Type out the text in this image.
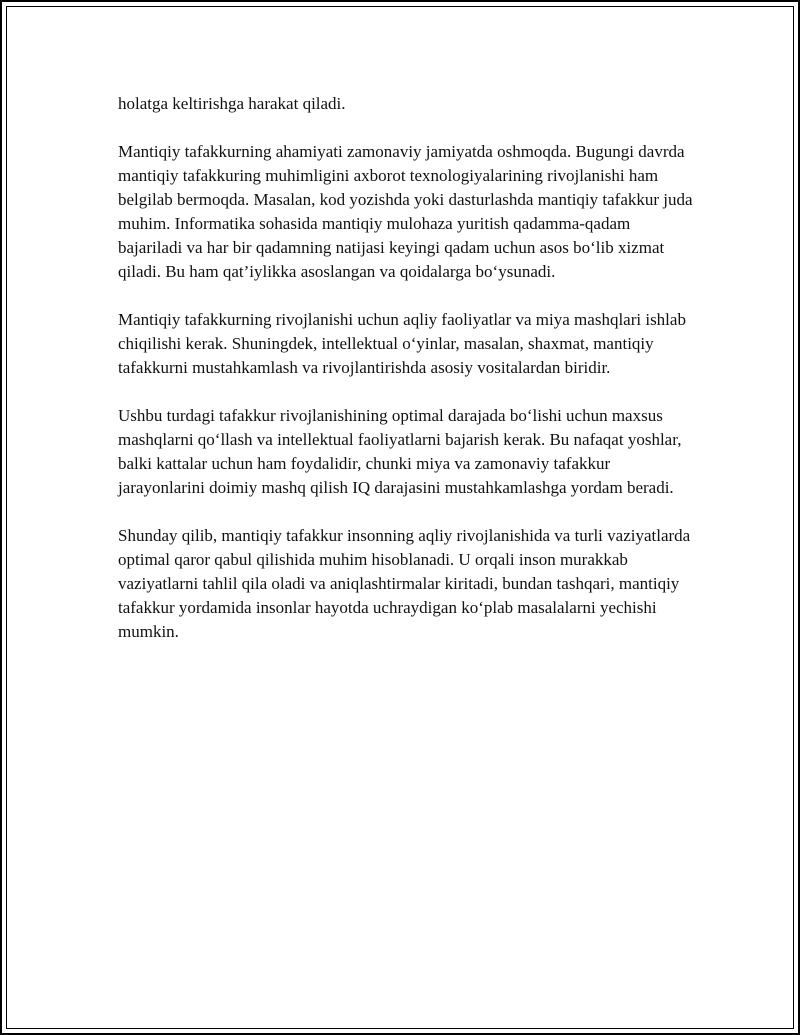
holatga keltirishga harakat qiladi.

Mantiqiy tafakkurning ahamiyati zamonaviy jamiyatda oshmoqda. Bugungi davrda mantiqiy tafakkuring muhimligini axborot texnologiyalarining rivojlanishi ham belgilab bermoqda. Masalan, kod yozishda yoki dasturlashda mantiqiy tafakkur juda muhim. Informatika sohasida mantiqiy mulohaza yuritish qadamma-qadam bajariladi va har bir qadamning natijasi keyingi qadam uchun asos bo‘lib xizmat qiladi. Bu ham qat’iylikka asoslangan va qoidalarga bo‘ysunadi.

Mantiqiy tafakkurning rivojlanishi uchun aqliy faoliyatlar va miya mashqlari ishlab chiqilishi kerak. Shuningdek, intellektual o‘yinlar, masalan, shaxmat, mantiqiy tafakkurni mustahkamlash va rivojlantirishda asosiy vositalardan biridir.

Ushbu turdagi tafakkur rivojlanishining optimal darajada bo‘lishi uchun maxsus mashqlarni qo‘llash va intellektual faoliyatlarni bajarish kerak. Bu nafaqat yoshlar, balki kattalar uchun ham foydalidir, chunki miya va zamonaviy tafakkur jarayonlarini doimiy mashq qilish IQ darajasini mustahkamlashga yordam beradi.

Shunday qilib, mantiqiy tafakkur insonning aqliy rivojlanishida va turli vaziyatlarda optimal qaror qabul qilishida muhim hisoblanadi. U orqali inson murakkab vaziyatlarni tahlil qila oladi va aniqlashtirmalar kiritadi, bundan tashqari, mantiqiy tafakkur yordamida insonlar hayotda uchraydigan ko‘plab masalalarni yechishi mumkin.
